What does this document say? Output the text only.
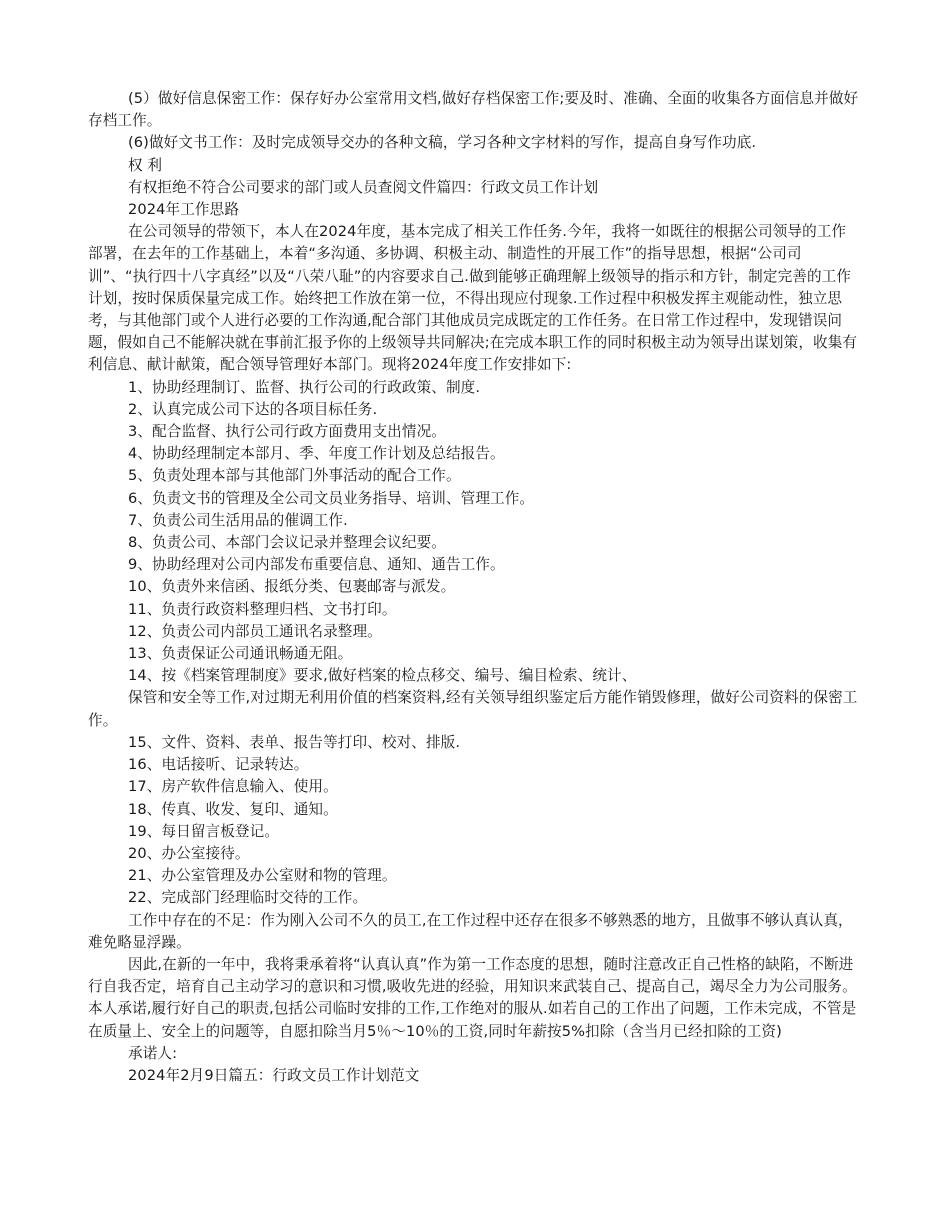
(5）做好信息保密工作：保存好办公室常用文档,做好存档保密工作;要及时、准确、全面的收集各方面信息并做好存档工作。

(6)做好文书工作：及时完成领导交办的各种文稿，学习各种文字材料的写作，提高自身写作功底.

权 利

有权拒绝不符合公司要求的部门或人员查阅文件篇四：行政文员工作计划

2024年工作思路

在公司领导的带领下，本人在2024年度，基本完成了相关工作任务.今年，我将一如既往的根据公司领导的工作部署，在去年的工作基础上，本着“多沟通、多协调、积极主动、制造性的开展工作”的指导思想，根据“公司司训”、“执行四十八字真经”以及“八荣八耻”的内容要求自己.做到能够正确理解上级领导的指示和方针，制定完善的工作计划，按时保质保量完成工作。始终把工作放在第一位，不得出现应付现象.工作过程中积极发挥主观能动性，独立思考，与其他部门或个人进行必要的工作沟通,配合部门其他成员完成既定的工作任务。在日常工作过程中，发现错误问题，假如自己不能解决就在事前汇报予你的上级领导共同解决;在完成本职工作的同时积极主动为领导出谋划策，收集有利信息、献计献策，配合领导管理好本部门。现将2024年度工作安排如下:

1、协助经理制订、监督、执行公司的行政政策、制度.

2、认真完成公司下达的各项目标任务.

3、配合监督、执行公司行政方面费用支出情况。

4、协助经理制定本部月、季、年度工作计划及总结报告。

5、负责处理本部与其他部门外事活动的配合工作。

6、负责文书的管理及全公司文员业务指导、培训、管理工作。

7、负责公司生活用品的催调工作.

8、负责公司、本部门会议记录并整理会议纪要。

9、协助经理对公司内部发布重要信息、通知、通告工作。

10、负责外来信函、报纸分类、包裹邮寄与派发。

11、负责行政资料整理归档、文书打印。

12、负责公司内部员工通讯名录整理。

13、负责保证公司通讯畅通无阻。

14、按《档案管理制度》要求,做好档案的检点移交、编号、编目检索、统计、

保管和安全等工作,对过期无利用价值的档案资料,经有关领导组织鉴定后方能作销毁修理，做好公司资料的保密工作。

15、文件、资料、表单、报告等打印、校对、排版.

16、电话接听、记录转达。

17、房产软件信息输入、使用。

18、传真、收发、复印、通知。

19、每日留言板登记。

20、办公室接待。

21、办公室管理及办公室财和物的管理。

22、完成部门经理临时交待的工作。

工作中存在的不足：作为刚入公司不久的员工,在工作过程中还存在很多不够熟悉的地方，且做事不够认真认真，难免略显浮躁。

因此,在新的一年中，我将秉承着将“认真认真”作为第一工作态度的思想，随时注意改正自己性格的缺陷，不断进行自我否定，培育自己主动学习的意识和习惯,吸收先进的经验，用知识来武装自己、提高自己，竭尽全力为公司服务。 本人承诺,履行好自己的职责,包括公司临时安排的工作,工作绝对的服从.如若自己的工作出了问题，工作未完成，不管是在质量上、安全上的问题等，自愿扣除当月5％～10％的工资,同时年薪按5%扣除（含当月已经扣除的工资)

承诺人:

2024年2月9日篇五：行政文员工作计划范文
